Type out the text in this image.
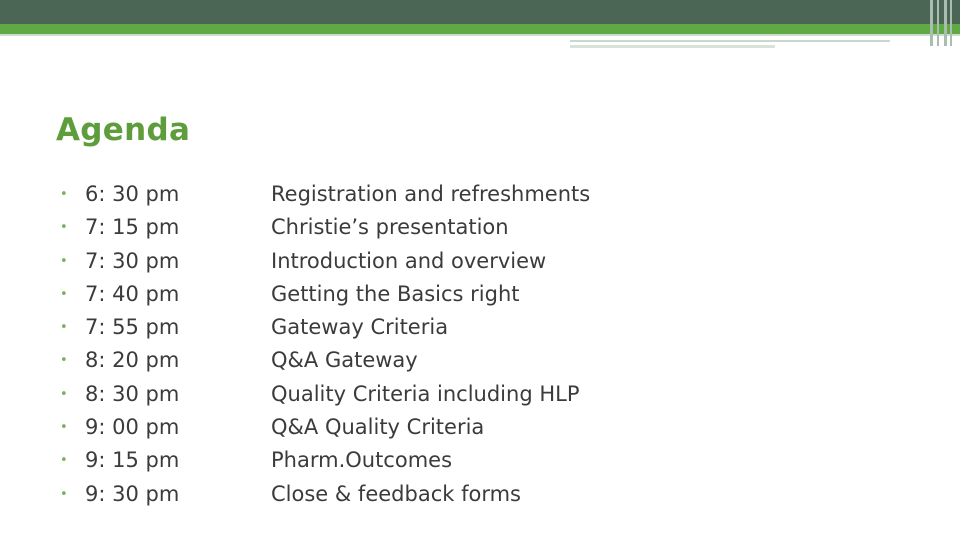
Agenda
• 6: 30 pm	Registration and refreshments
• 7: 15 pm	Christie’s presentation
• 7: 30 pm	Introduction and overview
• 7: 40 pm	Getting the Basics right
• 7: 55 pm	Gateway Criteria
• 8: 20 pm	Q&A Gateway
• 8: 30 pm	Quality Criteria including HLP
• 9: 00 pm	Q&A Quality Criteria
• 9: 15 pm	Pharm.Outcomes
• 9: 30 pm	Close & feedback forms
